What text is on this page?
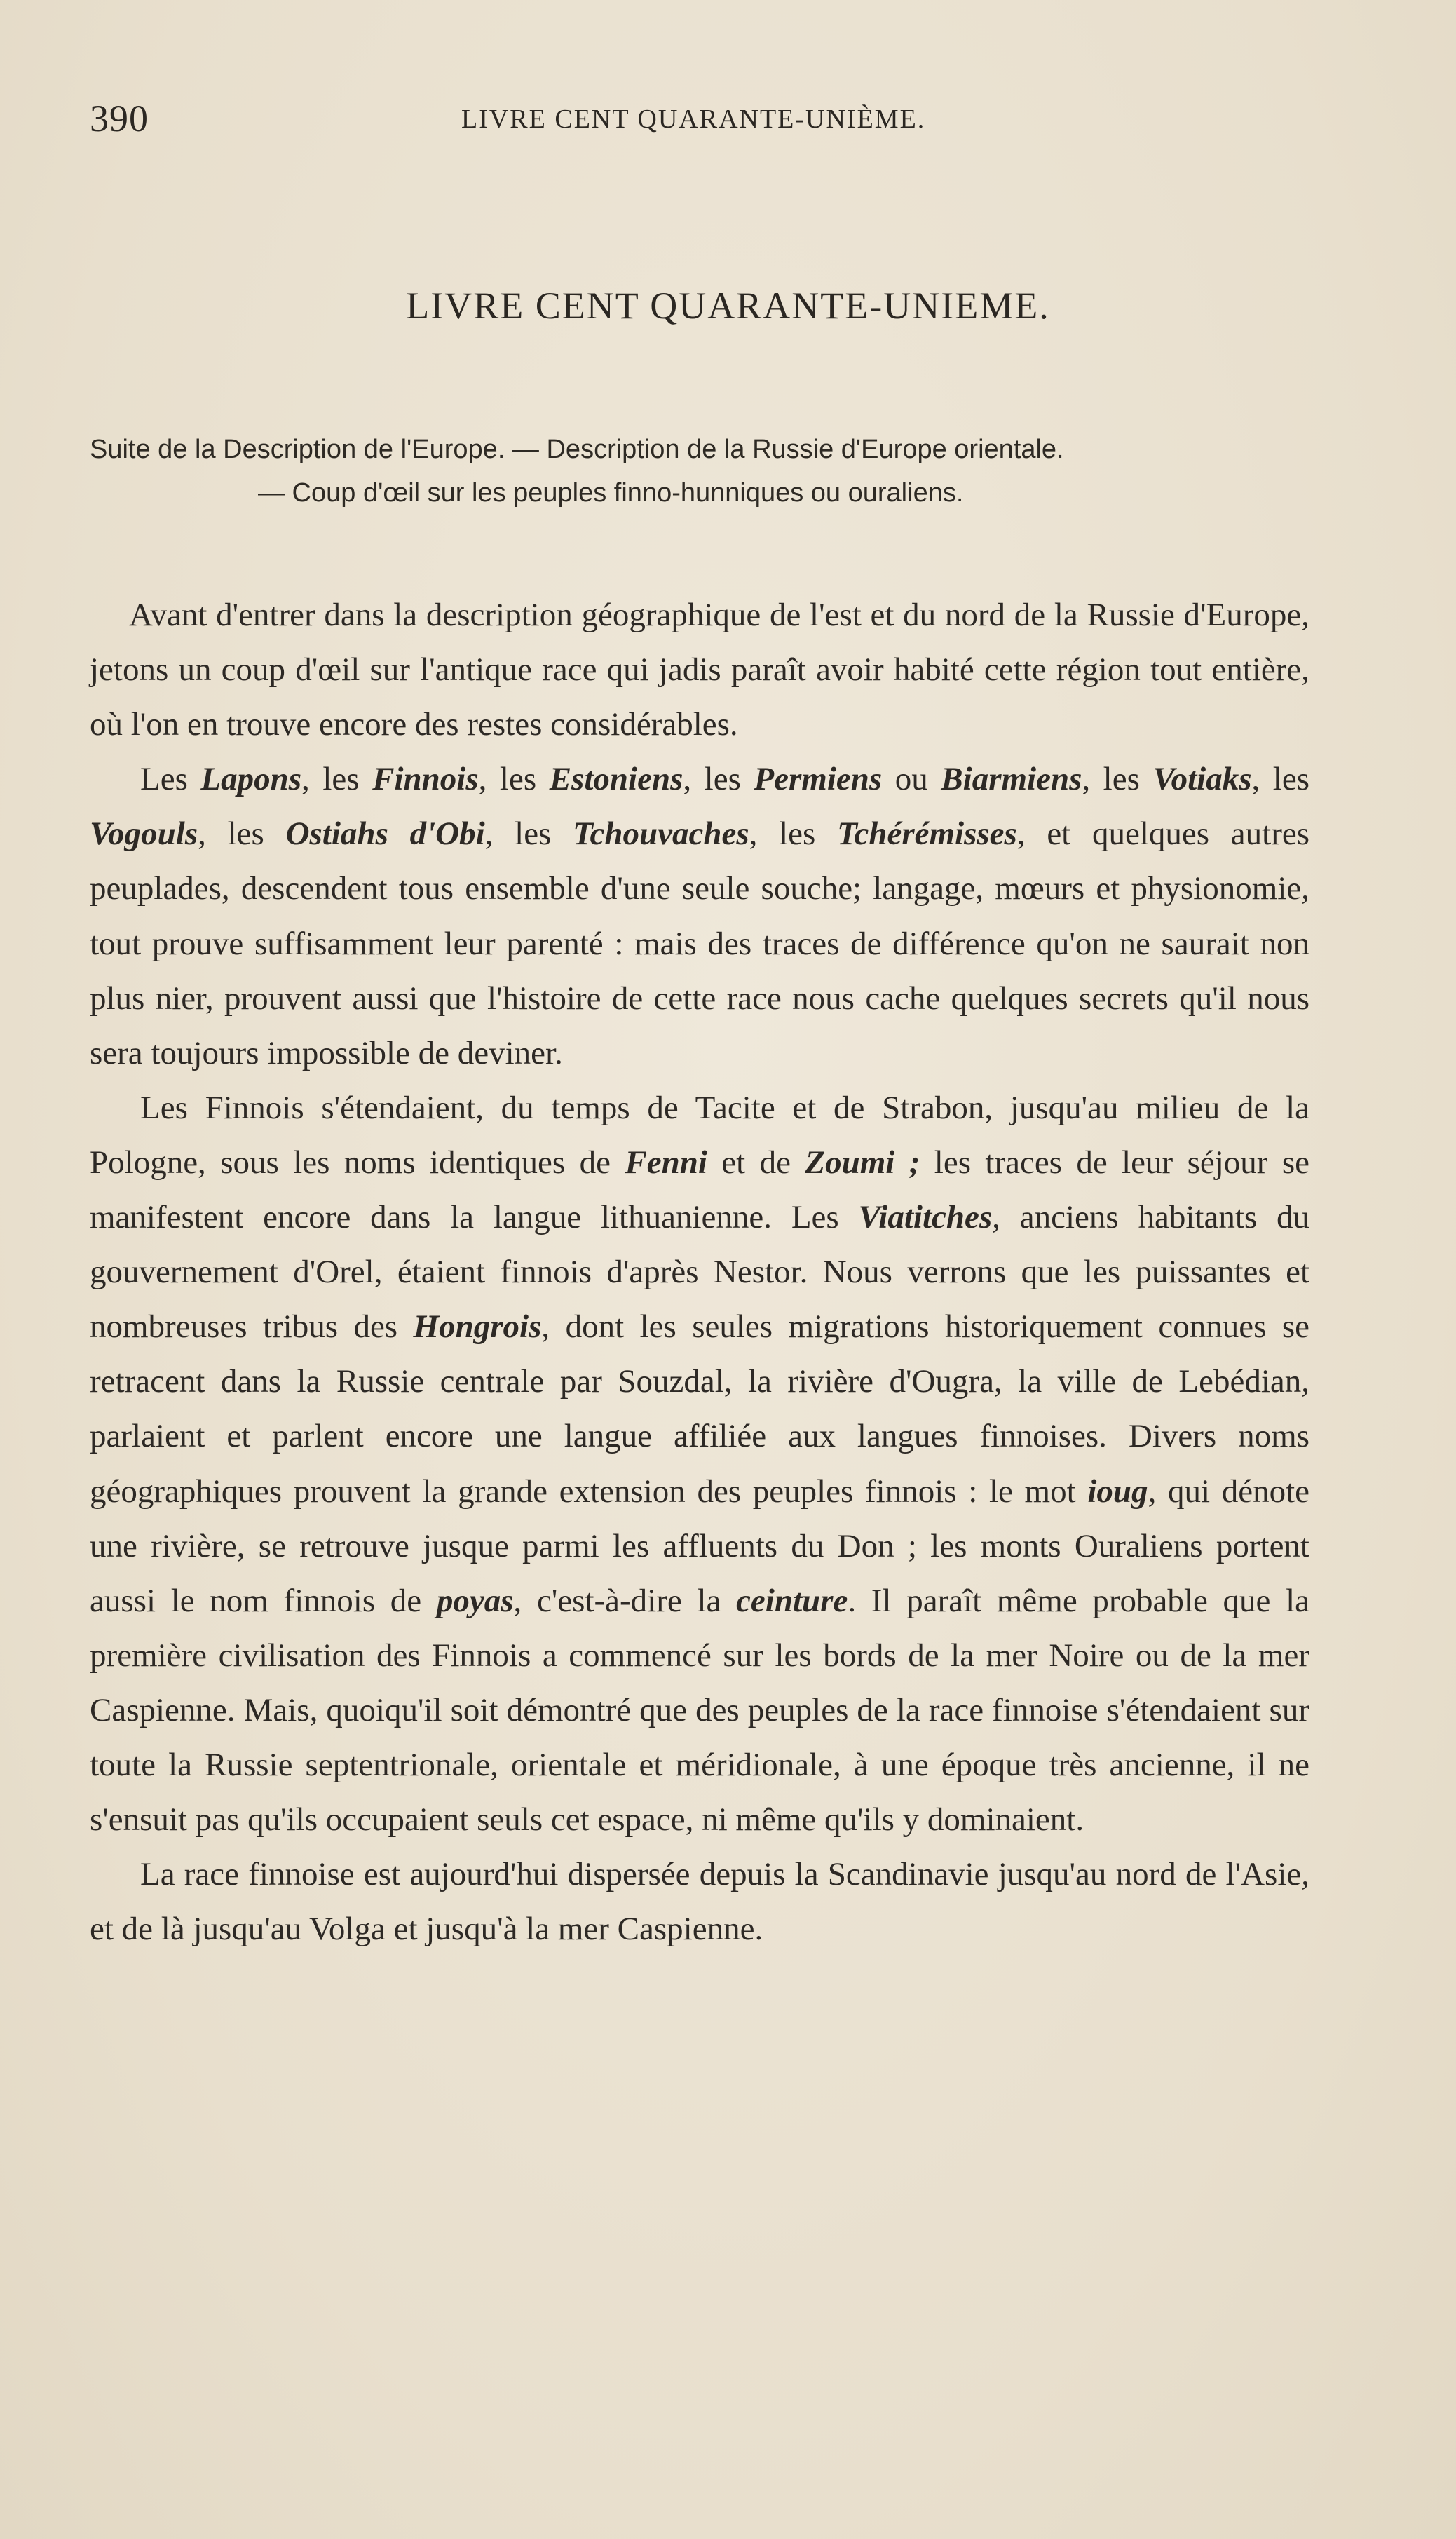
390	LIVRE CENT QUARANTE-UNIÈME.
LIVRE CENT QUARANTE-UNIEME.
Suite de la Description de l'Europe. — Description de la Russie d'Europe orientale.
— Coup d'œil sur les peuples finno-hunniques ou ouraliens.

Avant d'entrer dans la description géographique de l'est et du nord de la Russie d'Europe, jetons un coup d'œil sur l'antique race qui jadis paraît avoir habité cette région tout entière, où l'on en trouve encore des restes considérables.

Les Lapons, les Finnois, les Estoniens, les Permiens ou Biarmiens, les Votiaks, les Vogouls, les Ostiahs d'Obi, les Tchouvaches, les Tchérémisses, et quelques autres peuplades, descendent tous ensemble d'une seule souche; langage, mœurs et physionomie, tout prouve suffisamment leur parenté : mais des traces de différence qu'on ne saurait non plus nier, prouvent aussi que l'histoire de cette race nous cache quelques secrets qu'il nous sera toujours impossible de deviner.

Les Finnois s'étendaient, du temps de Tacite et de Strabon, jusqu'au milieu de la Pologne, sous les noms identiques de Fenni et de Zoumi ; les traces de leur séjour se manifestent encore dans la langue lithuanienne. Les Viatitches, anciens habitants du gouvernement d'Orel, étaient finnois d'après Nestor. Nous verrons que les puissantes et nombreuses tribus des Hongrois, dont les seules migrations historiquement connues se retracent dans la Russie centrale par Souzdal, la rivière d'Ougra, la ville de Lebédian, parlaient et parlent encore une langue affiliée aux langues finnoises. Divers noms géographiques prouvent la grande extension des peuples finnois : le mot ioug, qui dénote une rivière, se retrouve jusque parmi les affluents du Don ; les monts Ouraliens portent aussi le nom finnois de poyas, c'est-à-dire la ceinture. Il paraît même probable que la première civilisation des Finnois a commencé sur les bords de la mer Noire ou de la mer Caspienne. Mais, quoiqu'il soit démontré que des peuples de la race finnoise s'étendaient sur toute la Russie septentrionale, orientale et méridionale, à une époque très ancienne, il ne s'ensuit pas qu'ils occupaient seuls cet espace, ni même qu'ils y dominaient.

La race finnoise est aujourd'hui dispersée depuis la Scandinavie jusqu'au nord de l'Asie, et de là jusqu'au Volga et jusqu'à la mer Caspienne.
